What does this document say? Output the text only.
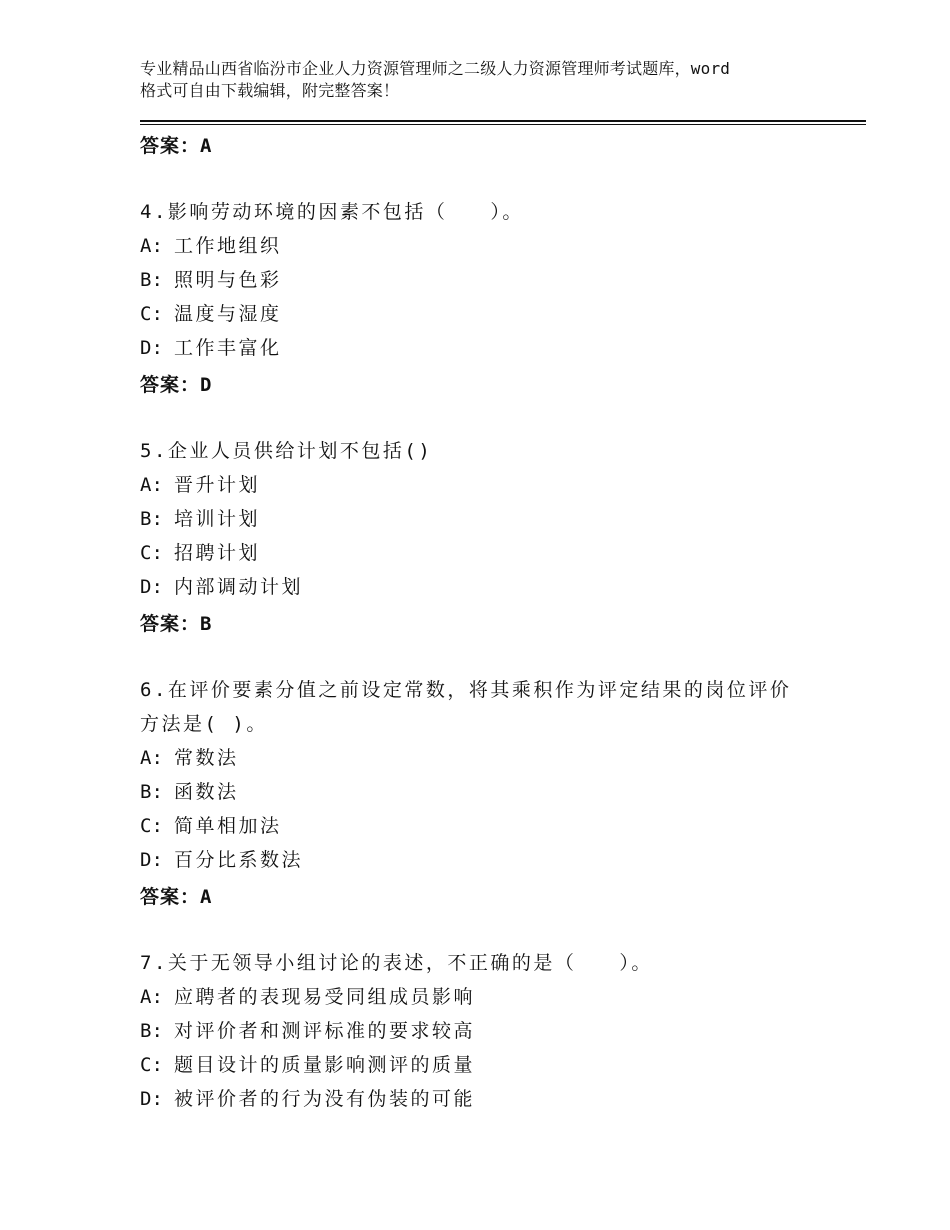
专业精品山西省临汾市企业人力资源管理师之二级人力资源管理师考试题库，word
格式可自由下载编辑，附完整答案！
答案：A
4.影响劳动环境的因素不包括（　　）。
A: 工作地组织
B: 照明与色彩
C: 温度与湿度
D: 工作丰富化
答案：D
5.企业人员供给计划不包括()
A: 晋升计划
B: 培训计划
C: 招聘计划
D: 内部调动计划
答案：B
6.在评价要素分值之前设定常数，将其乘积作为评定结果的岗位评价
方法是( )。
A: 常数法
B: 函数法
C: 简单相加法
D: 百分比系数法
答案：A
7.关于无领导小组讨论的表述，不正确的是（　　）。
A: 应聘者的表现易受同组成员影响
B: 对评价者和测评标准的要求较高
C: 题目设计的质量影响测评的质量
D: 被评价者的行为没有伪装的可能
